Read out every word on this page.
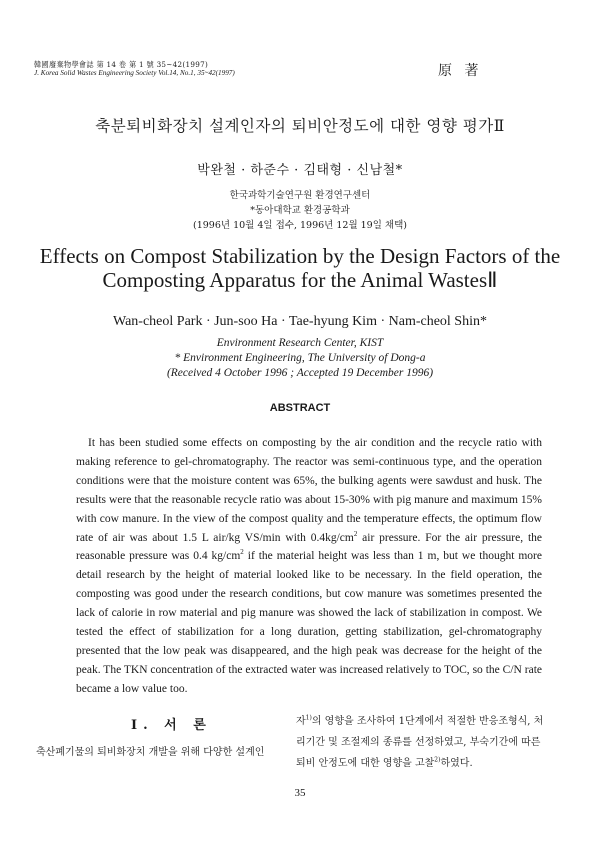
韓國廢棄物學會誌 第 14 卷 第 1 號 35~42(1997)
J. Korea Solid Wastes Engineering Society Vol.14, No.1, 35~42(1997)	原 著
축분퇴비화장치 설계인자의 퇴비안정도에 대한 영향 평가Ⅱ
박완철 · 하준수 · 김태형 · 신남철*
한국과학기술연구원 환경연구센터
*동아대학교 환경공학과
(1996년 10월 4일 접수, 1996년 12월 19일 채택)
Effects on Compost Stabilization by the Design Factors of the
Composting Apparatus for the Animal WastesⅡ
Wan-cheol Park · Jun-soo Ha · Tae-hyung Kim · Nam-cheol Shin*
Environment Research Center, KIST
* Environment Engineering, The University of Dong-a
(Received 4 October 1996 ; Accepted 19 December 1996)
ABSTRACT

It has been studied some effects on composting by the air condition and the recycle ratio with making reference to gel-chromatography. The reactor was semi-continuous type, and the operation conditions were that the moisture content was 65%, the bulking agents were sawdust and husk. The results were that the reasonable recycle ratio was about 15-30% with pig manure and maximum 15% with cow manure. In the view of the compost quality and the temperature effects, the optimum flow rate of air was about 1.5 L air/kg VS/min with $0.4kg/cm^2$ air pressure. For the air pressure, the reasonable pressure was 0.4 $kg/cm^2$ if the material height was less than 1 m, but we thought more detail research by the height of material looked like to be necessary. In the field operation, the composting was good under the research conditions, but cow manure was sometimes presented the lack of calorie in row material and pig manure was showed the lack of stabilization in compost. We tested the effect of stabilization for a long duration, getting stabilization, gel-chromatography presented that the low peak was disappeared, and the high peak was decrease for the height of the peak. The TKN concentration of the extracted water was increased relatively to TOC, so the C/N rate became a low value too.

Ⅰ. 서 론

축산폐기물의 퇴비화장치 개발을 위해 다양한 설계인

자$^{1)}$의 영향을 조사하여 1단계에서 적절한 반응조형식, 처리기간 및 조절제의 종류를 선정하였고, 부숙기간에 따른 퇴비 안정도에 대한 영향을 고찰$^{2)}$하였다.

35
